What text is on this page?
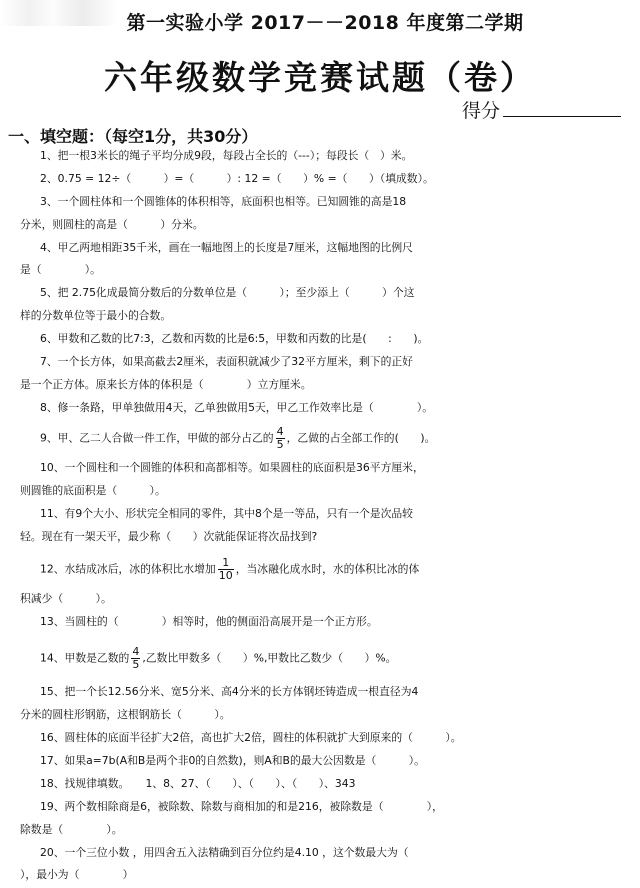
第一实验小学 2017－－2018 年度第二学期
六年级数学竞赛试题（卷）
得分
一、填空题：（每空1分，共30分）
1、把一根3米长的绳子平均分成9段，每段占全长的（---）；每段长（　）米。
2、0.75 = 12÷（　　　）=（　　　）: 12 =（　　）% =（　　）（填成数）。
3、一个圆柱体和一个圆锥体的体积相等，底面积也相等。已知圆锥的高是18
分米，则圆柱的高是（　　　）分米。
4、甲乙两地相距35千米，画在一幅地图上的长度是7厘米，这幅地图的比例尺
是（　　　　）。
5、把 2.75化成最简分数后的分数单位是（　　　）；至少添上（　　　）个这
样的分数单位等于最小的合数。
6、甲数和乙数的比7:3，乙数和丙数的比是6:5，甲数和丙数的比是(　　:　　)。
7、一个长方体，如果高截去2厘米，表面积就减少了32平方厘米，剩下的正好
是一个正方体。原来长方体的体积是（　　　　）立方厘米。
8、修一条路，甲单独做用4天，乙单独做用5天，甲乙工作效率比是（　　　　）。
9、甲、乙二人合做一件工作，甲做的部分占乙的 $\frac{4}{5}$ ，乙做的占全部工作的(　　)。
10、一个圆柱和一个圆锥的体积和高都相等。如果圆柱的底面积是36平方厘米，
则圆锥的底面积是（　　　）。
11、有9个大小、形状完全相同的零件，其中8个是一等品，只有一个是次品较
轻。现在有一架天平，最少称（　　）次就能保证将次品找到?
12、水结成冰后，冰的体积比水增加 $\frac{1}{10}$ ，当冰融化成水时，水的体积比冰的体
积减少（　　　）。
13、当圆柱的（　　　　）相等时，他的侧面沿高展开是一个正方形。
14、甲数是乙数的 $\frac{4}{5}$ ,乙数比甲数多（　　）%,甲数比乙数少（　　）%。
15、把一个长12.56分米、宽5分米、高4分米的长方体钢坯铸造成一根直径为4
分米的圆柱形钢筋，这根钢筋长（　　　）。
16、圆柱体的底面半径扩大2倍，高也扩大2倍，圆柱的体积就扩大到原来的（　　　）。
17、如果a=7b(A和B是两个非0的自然数)，则A和B的最大公因数是（　　　）。
18、找规律填数。　　1、8、27、（　　）、（　　）、（　　）、343
19、两个数相除商是6，被除数、除数与商相加的和是216，被除数是（　　　　），
除数是（　　　　）。
20、一个三位小数 ，用四舍五入法精确到百分位约是4.10 ，这个数最大为（
），最小为（　　　　）
